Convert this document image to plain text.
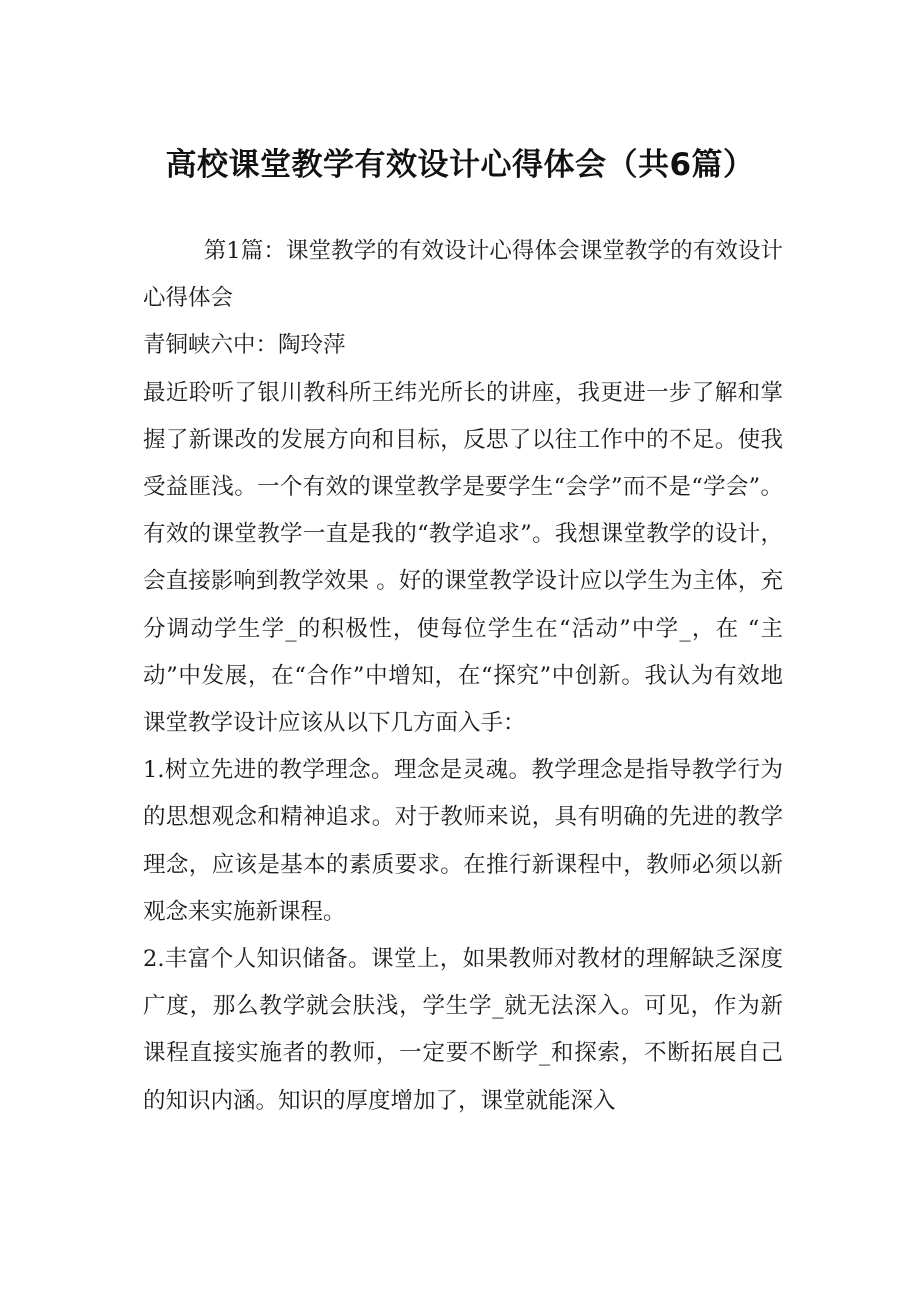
高校课堂教学有效设计心得体会（共6篇）

第1篇：课堂教学的有效设计心得体会课堂教学的有效设计心得体会

青铜峡六中：陶玲萍

最近聆听了银川教科所王纬光所长的讲座，我更进一步了解和掌握了新课改的发展方向和目标，反思了以往工作中的不足。使我受益匪浅。一个有效的课堂教学是要学生“会学”而不是“学会”。有效的课堂教学一直是我的“教学追求”。我想课堂教学的设计，会直接影响到教学效果 。好的课堂教学设计应以学生为主体，充分调动学生学_的积极性，使每位学生在“活动”中学_，在 “主动”中发展，在“合作”中增知，在“探究”中创新。我认为有效地课堂教学设计应该从以下几方面入手：

1.树立先进的教学理念。理念是灵魂。教学理念是指导教学行为的思想观念和精神追求。对于教师来说，具有明确的先进的教学理念，应该是基本的素质要求。在推行新课程中，教师必须以新观念来实施新课程。

2.丰富个人知识储备。课堂上，如果教师对教材的理解缺乏深度广度，那么教学就会肤浅，学生学_就无法深入。可见，作为新课程直接实施者的教师，一定要不断学_和探索，不断拓展自己的知识内涵。知识的厚度增加了，课堂就能深入
